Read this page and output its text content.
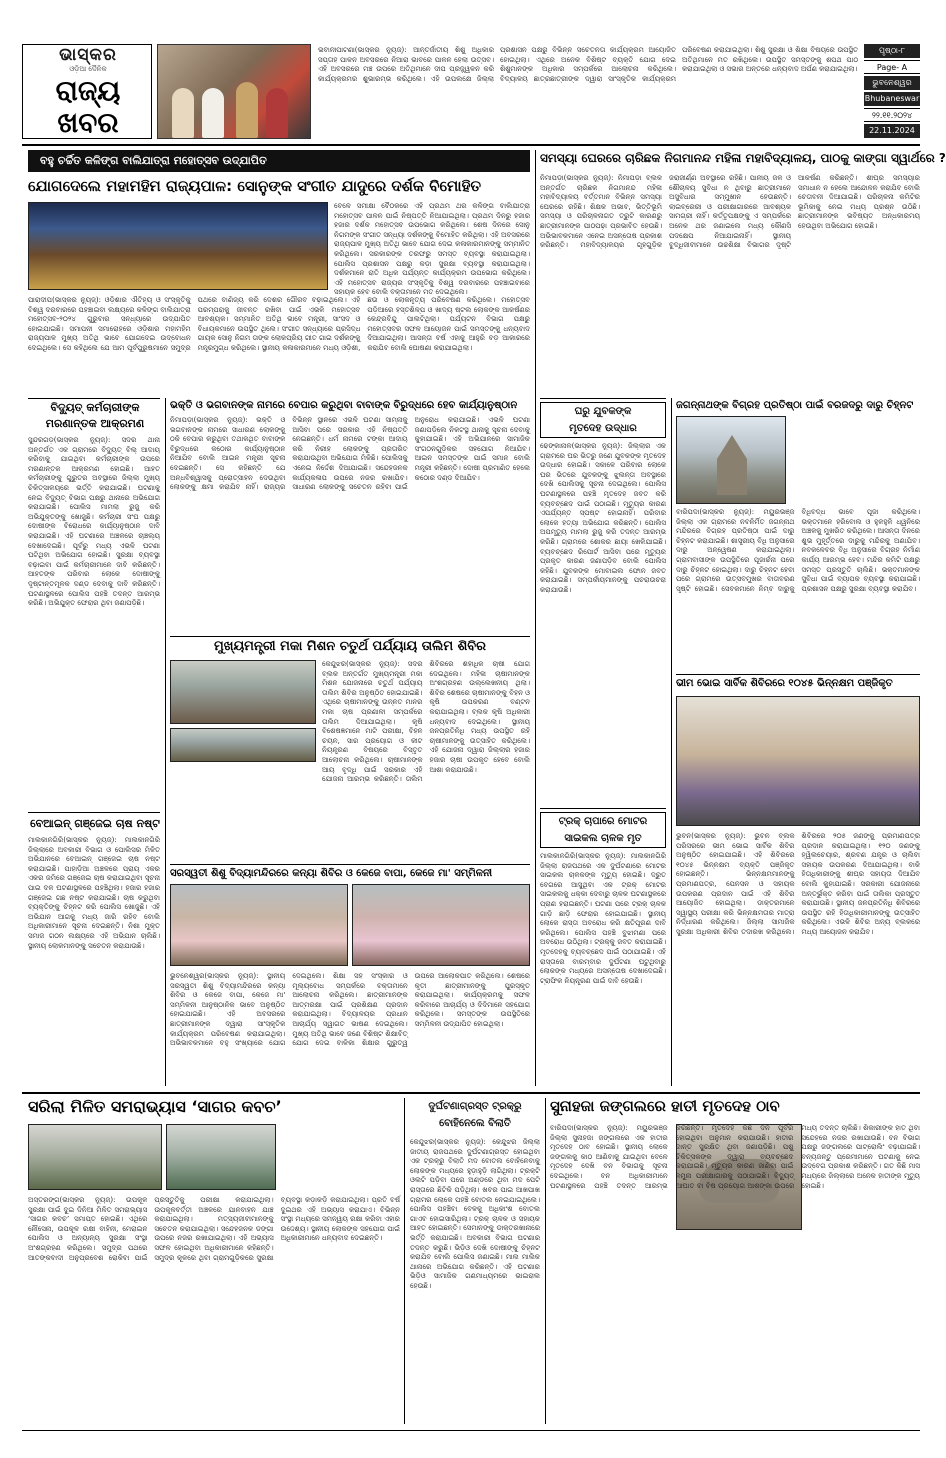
ଭାସ୍କର
ଓଡ଼ିଆ ଦୈନିକ
ରାଜ୍ୟ
ଖବର
ଭବାନୀପାଟଣା(ଭାସ୍କର ନ୍ୟୁଜ୍): ଆନ୍ତର୍ଜାତୀୟ ଶିଶୁ ଅଧିକାର ସପ୍ତାହ ପାଳନ ଅବସରରେ ନିଆରା ଭାବରେ ପାଳନ ହେଲା ଉତ୍ସବ। ଏହି ଅବସରରେ ମଞ୍ଚ ଉପରେ ଅତିଥିମାନେ ଦୀପ ପ୍ରଜ୍ଜ୍ୱଳନ କରି କାର୍ଯ୍ୟକ୍ରମର ଶୁଭାରମ୍ଭ କରିଥିଲେ। ଏହି ଉପଲକ୍ଷେ ଜିଲ୍ଲା ପ୍ରଶାସନ ପକ୍ଷରୁ ବିଭିନ୍ନ ସଚେତନତା କାର୍ଯ୍ୟକ୍ରମ ଆୟୋଜିତ ହୋଇଥିଲା। ଏଥିରେ ଅନେକ ବିଶିଷ୍ଟ ବ୍ୟକ୍ତି ଯୋଗ ଦେଇ ଶିଶୁମାନଙ୍କ ଅଧିକାର ସମ୍ପର୍କରେ ଆଲୋଚନା କରିଥିଲେ। ବିଦ୍ୟାଳୟ ଛାତ୍ରଛାତ୍ରୀଙ୍କ ଦ୍ୱାରା ସାଂସ୍କୃତିକ କାର୍ଯ୍ୟକ୍ରମ ପରିବେଷଣ କରାଯାଇଥିଲା। ଶିଶୁ ସୁରକ୍ଷା ଓ ଶିକ୍ଷା ବିଷୟରେ ଉପସ୍ଥିତ ଅତିଥିମାନେ ମତ ରଖିଥିଲେ। ଉପସ୍ଥିତ ସମସ୍ତଙ୍କୁ ଶପଥ ପାଠ କରାଯାଇଥିଲା ଓ ସଭାର ଅନ୍ତରେ ଧନ୍ୟବାଦ ଅର୍ପଣ କରାଯାଇଥିଲା।
ପୃଷ୍ଠା-୮
Page- A
ଭୁବନେଶ୍ୱର
Bhubaneswar
୨୨.୧୧.୨୦୨୪
22.11.2024
ବହୁ ଚର୍ଚ୍ଚିତ କଳିଙ୍ଗ ବାଲିଯାତ୍ରା ମହୋତ୍ସବ ଉଦ୍‌ଯାପିତ
ଯୋଗଦେଲେ ମହାମହିମ ରାଜ୍ୟପାଳ: ସୋନୁଙ୍କ ସଂଗୀତ ଯାଦୁରେ ଦର୍ଶକ ବିମୋହିତ
ବେଳେ ସମୀକ୍ଷା ବୈଠକରେ ଏହି ପ୍ରଥମ ଥର କଳିଙ୍ଗ ବାଲିଯାତ୍ରା ମହୋତ୍ସବ ପାଳନ ପାଇଁ ନିଷ୍ପତ୍ତି ନିଆଯାଇଥିଲା। ପ୍ରଥମ ଦିନରୁ ହଜାର ହଜାର ଦର୍ଶକ ମହୋତ୍ସବ ଉପଭୋଗ କରିଥିଲେ। ଶେଷ ଦିନରେ ସୋନୁ ନିଗମଙ୍କ ସଂଗୀତ ସନ୍ଧ୍ୟା ଦର୍ଶକଙ୍କୁ ବିମୋହିତ କରିଥିଲା। ଏହି ଅବସରରେ ରାଜ୍ୟପାଳ ମୁଖ୍ୟ ଅତିଥି ଭାବେ ଯୋଗ ଦେଇ କଳାକାରମାନଙ୍କୁ ସମ୍ମାନିତ କରିଥିଲେ। ସରକାରଙ୍କ ତରଫରୁ ସମସ୍ତ ବ୍ୟବସ୍ଥା କରାଯାଇଥିଲା। ପୋଲିସ ପ୍ରଶାସନ ପକ୍ଷରୁ କଡ଼ା ସୁରକ୍ଷା ବ୍ୟବସ୍ଥା କରାଯାଇଥିଲା। ଦର୍ଶକମାନେ ରାତି ଅଧିକ ପର୍ଯ୍ୟନ୍ତ କାର୍ଯ୍ୟକ୍ରମ ଉପଭୋଗ କରିଥିଲେ। ଏହି ମହୋତ୍ସବ ରାଜ୍ୟର ସଂସ୍କୃତିକୁ ବିଶ୍ୱ ଦରବାରରେ ପହଞ୍ଚାଇବାରେ ସହାୟକ ହେବ ବୋଲି ବକ୍ତାମାନେ ମତ ଦେଇଥିଲେ।
ପାରାଦୀପ(ଭାସ୍କର ନ୍ୟୁଜ୍): ଓଡ଼ିଶାର ଐତିହ୍ୟ ଓ ସଂସ୍କୃତିକୁ ବିଶ୍ୱ ଦରବାରରେ ପହଞ୍ଚାଇବା ଲକ୍ଷ୍ୟରେ କଳିଙ୍ଗ ବାଲିଯାତ୍ରା ମହୋତ୍ସବ-୨୦୨୪ ଗୁରୁବାର ସନ୍ଧ୍ୟାରେ ଉଦ୍‌ଯାପିତ ହୋଇଯାଇଛି। ସମାପନୀ ସମାରୋହରେ ଓଡ଼ିଶାର ମହାମହିମ ରାଜ୍ୟପାଳ ମୁଖ୍ୟ ଅତିଥି ଭାବେ ଯୋଗଦେଇ ଉଦ୍‌ବୋଧନ ଦେଇଥିଲେ। ସେ କହିଥିଲେ ଯେ ଆମ ପୂର୍ବପୁରୁଷମାନେ ସମୁଦ୍ର ପଥରେ ବାଣିଜ୍ୟ କରି ଦେଶର ଗୌରବ ବଢ଼ାଇଥିଲେ। ଏହି ପରମ୍ପରାକୁ ଜୀବନ୍ତ ରଖିବା ପାଇଁ ଏଭଳି ମହୋତ୍ସବ ଆବଶ୍ୟକ। ସମ୍ମାନିତ ଅତିଥି ଭାବେ ମନ୍ତ୍ରୀ, ସାଂସଦ ଓ ବିଧାୟକମାନେ ଉପସ୍ଥିତ ଥିଲେ। ସଂଗୀତ ସନ୍ଧ୍ୟାରେ ପ୍ରସିଦ୍ଧ ଗାୟକ ସୋନୁ ନିଗମ ତାଙ୍କ ଲୋକପ୍ରିୟ ଗୀତ ଗାଇ ଦର୍ଶକଙ୍କୁ ମନ୍ତ୍ରମୁଗ୍ଧ କରିଥିଲେ। ସ୍ଥାନୀୟ କଳାକାରମାନେ ମଧ୍ୟ ଓଡ଼ିଶୀ, ଛଉ ଓ ଲୋକନୃତ୍ୟ ପରିବେଷଣ କରିଥିଲେ। ମହୋତ୍ସବ ପଡ଼ିଆରେ ହସ୍ତଶିଳ୍ପ ଓ ଖାଦ୍ୟ ଷ୍ଟଲ ଲୋକଙ୍କ ଆକର୍ଷଣର କେନ୍ଦ୍ରବିନ୍ଦୁ ପାଲଟିଥିଲା। ପର୍ଯ୍ୟଟନ ବିଭାଗ ପକ୍ଷରୁ ମହୋତ୍ସବର ସଫଳ ଆୟୋଜନ ପାଇଁ ସମସ୍ତଙ୍କୁ ଧନ୍ୟବାଦ ଦିଆଯାଇଥିଲା। ଆସନ୍ତା ବର୍ଷ ଏହାକୁ ଆହୁରି ବଡ଼ ଆକାରରେ କରାଯିବ ବୋଲି ଘୋଷଣା କରାଯାଇଥିଲା।
ବିଦ୍ୟୁତ୍ କର୍ମଚାରୀଙ୍କ
ମରଣାନ୍ତକ ଆକ୍ରମଣ
ସୁନ୍ଦରଗଡ଼(ଭାସ୍କର ନ୍ୟୁଜ୍): ସଦର ଥାନା ଅନ୍ତର୍ଗତ ଏକ ଗ୍ରାମରେ ବିଦ୍ୟୁତ୍ ବିଲ୍ ଆଦାୟ କରିବାକୁ ଯାଇଥିବା କର୍ମଚାରୀଙ୍କ ଉପରେ ମରଣାନ୍ତକ ଆକ୍ରମଣ ହୋଇଛି। ଆହତ କର୍ମଚାରୀଙ୍କୁ ଗୁରୁତର ଅବସ୍ଥାରେ ଜିଲ୍ଲା ମୁଖ୍ୟ ଚିକିତ୍ସାଳୟରେ ଭର୍ତ୍ତି କରାଯାଇଛି। ଘଟଣାକୁ ନେଇ ବିଦ୍ୟୁତ୍ ବିଭାଗ ପକ୍ଷରୁ ଥାନାରେ ଅଭିଯୋଗ କରାଯାଇଛି। ପୋଲିସ ମାମଲା ରୁଜୁ କରି ଅଭିଯୁକ୍ତଙ୍କୁ ଖୋଜୁଛି। କର୍ମଚାରୀ ସଂଘ ପକ୍ଷରୁ ଦୋଷୀଙ୍କ ବିରୋଧରେ କାର୍ଯ୍ୟାନୁଷ୍ଠାନ ଦାବି କରାଯାଇଛି। ଏହି ଘଟଣାରେ ଅଞ୍ଚଳରେ ଚାଞ୍ଚଲ୍ୟ ଦେଖାଦେଇଛି। ପୂର୍ବରୁ ମଧ୍ୟ ଏଭଳି ଘଟଣା ଘଟିଥିବା ଅଭିଯୋଗ ହୋଇଛି। ସୁରକ୍ଷା ବ୍ୟବସ୍ଥା ବଢ଼ାଇବା ପାଇଁ କର୍ମଚାରୀମାନେ ଦାବି କରିଛନ୍ତି। ଆହତଙ୍କ ପରିବାର ଲୋକେ ଦୋଷୀଙ୍କୁ ଦୃଷ୍ଟାନ୍ତମୂଳକ ଦଣ୍ଡ ଦେବାକୁ ଦାବି କରିଛନ୍ତି। ଘଟଣାସ୍ଥଳରେ ପୋଲିସ ପହଞ୍ଚି ତଦନ୍ତ ଆରମ୍ଭ କରିଛି। ଅଭିଯୁକ୍ତ ଫେରାର ଥିବା ଜଣାପଡ଼ିଛି।
ବେଆଇନ୍ ଗଞ୍ଜେଇ ଚାଷ ନଷ୍ଟ
ମାଲକାନଗିରି(ଭାସ୍କର ନ୍ୟୁଜ୍): ମାଲକାନଗିରି ଜିଲ୍ଲାରେ ଅବକାରୀ ବିଭାଗ ଓ ପୋଲିସର ମିଳିତ ଅଭିଯାନରେ ବେଆଇନ୍ ଗଞ୍ଜେଇ ଚାଷ ନଷ୍ଟ କରାଯାଇଛି। ପାହାଡ଼ିଆ ଅଞ୍ଚଳରେ ପ୍ରାୟ ଏକର ଏକର ଜମିରେ ଗଞ୍ଜେଇ ଚାଷ କରାଯାଇଥିବା ସୂଚନା ପାଇ ଦଳ ଘଟଣାସ୍ଥଳରେ ପହଞ୍ଚିଥିଲା। ହଜାର ହଜାର ଗଞ୍ଜେଇ ଗଛ ନଷ୍ଟ କରାଯାଇଛି। ଚାଷ କରୁଥିବା ବ୍ୟକ୍ତିଙ୍କୁ ଚିହ୍ନଟ କରି ପୋଲିସ ଖୋଜୁଛି। ଏହି ଅଭିଯାନ ଆଗକୁ ମଧ୍ୟ ଜାରି ରହିବ ବୋଲି ଅଧିକାରୀମାନେ ସୂଚନା ଦେଇଛନ୍ତି। ନିଶା ମୁକ୍ତ ସମାଜ ଗଠନ ଲକ୍ଷ୍ୟରେ ଏହି ଅଭିଯାନ ଚାଲିଛି। ସ୍ଥାନୀୟ ଲୋକମାନଙ୍କୁ ସଚେତନ କରାଯାଉଛି।
ଭକ୍ତି ଓ ଭଗବାନଙ୍କ ନାମରେ ବେପାର କରୁଥିବା ବାବାଙ୍କ ବିରୁଦ୍ଧରେ ହେବ କାର୍ଯ୍ୟାନୁଷ୍ଠାନ
ନିମାପଡ଼ା(ଭାସ୍କର ନ୍ୟୁଜ୍): ଭକ୍ତି ଓ ଭଗବାନଙ୍କ ନାମରେ ସାଧାରଣ ଲୋକଙ୍କୁ ଠକି ବେପାର କରୁଥିବା ତଥାକଥିତ ବାବାଙ୍କ ବିରୁଦ୍ଧରେ କଠୋର କାର୍ଯ୍ୟାନୁଷ୍ଠାନ ନିଆଯିବ ବୋଲି ଆଇନ ମନ୍ତ୍ରୀ ସୂଚନା ଦେଇଛନ୍ତି। ସେ କହିଛନ୍ତି ଯେ ଅନ୍ଧବିଶ୍ୱାସକୁ ପ୍ରୋତ୍ସାହନ ଦେଉଥିବା ଲୋକଙ୍କୁ କ୍ଷମା କରାଯିବ ନାହିଁ। ରାଜ୍ୟର ବିଭିନ୍ନ ସ୍ଥାନରେ ଏଭଳି ଘଟଣା ସାମ୍ନାକୁ ଆସିବା ପରେ ସରକାର ଏହି ନିଷ୍ପତ୍ତି ନେଇଛନ୍ତି। ଧର୍ମ ନାମରେ ଟଙ୍କା ଆଦାୟ କରି ନିରୀହ ଲୋକଙ୍କୁ ପ୍ରତାରିତ କରାଯାଉଥିବା ଅଭିଯୋଗ ମିଳିଛି। ପୋଲିସକୁ ଏନେଇ ନିର୍ଦ୍ଦେଶ ଦିଆଯାଇଛି। ସନ୍ଦେହଜନକ କାର୍ଯ୍ୟକଳାପ ଉପରେ ନଜର ରଖାଯିବ। ସାଧାରଣ ଲୋକଙ୍କୁ ସଚେତନ ରହିବା ପାଇଁ ଅନୁରୋଧ କରାଯାଇଛି। ଏଭଳି ଘଟଣା ଜଣାପଡ଼ିଲେ ନିକଟସ୍ଥ ଥାନାକୁ ସୂଚନା ଦେବାକୁ କୁହାଯାଇଛି। ଏହି ଅଭିଯାନରେ ସାମାଜିକ ସଂଗଠନଗୁଡ଼ିକର ସହଯୋଗ ନିଆଯିବ। ଆଇନ ସମସ୍ତଙ୍କ ପାଇଁ ସମାନ ବୋଲି ମନ୍ତ୍ରୀ କହିଛନ୍ତି। ଦୋଷୀ ପ୍ରମାଣିତ ହେଲେ କଠୋର ଦଣ୍ଡ ଦିଆଯିବ।
ମୁଖ୍ୟମନ୍ତ୍ରୀ ମକା ମିଶନ ଚତୁର୍ଥ ପର୍ଯ୍ୟାୟ ତାଲିମ ଶିବିର
କେନ୍ଦୁଝର(ଭାସ୍କର ନ୍ୟୁଜ୍): ସଦର ବ୍ଲକ ଅନ୍ତର୍ଗତ ମୁଖ୍ୟମନ୍ତ୍ରୀ ମକା ମିଶନ ଯୋଜନାରେ ଚତୁର୍ଥ ପର୍ଯ୍ୟାୟ ତାଲିମ ଶିବିର ଅନୁଷ୍ଠିତ ହୋଇଯାଇଛି। ଏଥିରେ ଚାଷୀମାନଙ୍କୁ ଉନ୍ନତ ମାନର ମକା ଚାଷ ପ୍ରଣାଳୀ ସମ୍ପର୍କରେ ତାଲିମ ଦିଆଯାଇଥିଲା। କୃଷି ବିଶେଷଜ୍ଞମାନେ ମାଟି ପରୀକ୍ଷା, ବିହନ ଚୟନ, ସାର ପ୍ରୟୋଗ ଓ କୀଟ ନିୟନ୍ତ୍ରଣ ବିଷୟରେ ବିସ୍ତୃତ ଆଲୋଚନା କରିଥିଲେ। ଚାଷୀମାନଙ୍କ ଆୟ ବୃଦ୍ଧି ପାଇଁ ସରକାର ଏହି ଯୋଜନା ଆରମ୍ଭ କରିଛନ୍ତି। ତାଲିମ ଶିବିରରେ ଶହାଧିକ ଚାଷୀ ଯୋଗ ଦେଇଥିଲେ। ମହିଳା ଚାଷୀମାନଙ୍କ ଅଂଶଗ୍ରହଣ ଉଲ୍ଲେଖନୀୟ ଥିଲା। ଶିବିର ଶେଷରେ ଚାଷୀମାନଙ୍କୁ ବିହନ ଓ କୃଷି ଉପକରଣ ବଣ୍ଟନ କରାଯାଇଥିଲା। ବ୍ଲକ କୃଷି ଅଧିକାରୀ ଧନ୍ୟବାଦ ଦେଇଥିଲେ। ସ୍ଥାନୀୟ ଜନପ୍ରତିନିଧି ମଧ୍ୟ ଉପସ୍ଥିତ ରହି ଚାଷୀମାନଙ୍କୁ ଉତ୍ସାହିତ କରିଥିଲେ। ଏହି ଯୋଜନା ଦ୍ୱାରା ଜିଲ୍ଲାର ହଜାର ହଜାର ଚାଷୀ ଉପକୃତ ହେବେ ବୋଲି ଆଶା କରାଯାଉଛି।
ସରସ୍ୱତୀ ଶିଶୁ ବିଦ୍ୟାମନ୍ଦିରରେ କନ୍ୟା ଶିବିର ଓ କେଜେ ବାପା, କେଜେ ମା' ସମ୍ମିଳନୀ
ଭୁବନେଶ୍ୱର(ଭାସ୍କର ନ୍ୟୁଜ୍): ସ୍ଥାନୀୟ ସରସ୍ୱତୀ ଶିଶୁ ବିଦ୍ୟାମନ୍ଦିରରେ କନ୍ୟା ଶିବିର ଓ କେଜେ ବାପା, କେଜେ ମା' ସମ୍ମିଳନୀ ଆନୁଷ୍ଠାନିକ ଭାବେ ଅନୁଷ୍ଠିତ ହୋଇଯାଇଛି। ଏହି ଅବସରରେ ଛାତ୍ରୀମାନଙ୍କ ଦ୍ୱାରା ସାଂସ୍କୃତିକ କାର୍ଯ୍ୟକ୍ରମ ପରିବେଷଣ କରାଯାଇଥିଲା। ଅଭିଭାବକମାନେ ବହୁ ସଂଖ୍ୟାରେ ଯୋଗ ଦେଇଥିଲେ। ଶିକ୍ଷା ସହ ସଂସ୍କାର ଓ ମୂଲ୍ୟବୋଧ ସମ୍ପର୍କରେ ବକ୍ତାମାନେ ଆଲୋଚନା କରିଥିଲେ। ଛାତ୍ରୀମାନଙ୍କ ଆତ୍ମରକ୍ଷା ପାଇଁ ପ୍ରଶିକ୍ଷଣ ପ୍ରଦାନ କରାଯାଇଥିଲା। ବିଦ୍ୟାଳୟର ପ୍ରଧାନ ଆଚାର୍ଯ୍ୟ ସ୍ୱାଗତ ଭାଷଣ ଦେଇଥିଲେ। ମୁଖ୍ୟ ଅତିଥି ଭାବେ ଜଣେ ବିଶିଷ୍ଟ ଶିକ୍ଷାବିତ୍ ଯୋଗ ଦେଇ ବାଳିକା ଶିକ୍ଷାର ଗୁରୁତ୍ୱ ଉପରେ ଆଲୋକପାତ କରିଥିଲେ। ଶେଷରେ କୃତୀ ଛାତ୍ରୀମାନଙ୍କୁ ପୁରସ୍କୃତ କରାଯାଇଥିଲା। କାର୍ଯ୍ୟକ୍ରମକୁ ସଫଳ କରିବାରେ ଆଚାର୍ଯ୍ୟ ଓ ଦିଦିମାନେ ସହଯୋଗ କରିଥିଲେ। ସମସ୍ତଙ୍କ ଉପସ୍ଥିତିରେ ସମ୍ମିଳନୀ ଉଦ୍‌ଯାପିତ ହୋଇଥିଲା।
ସମସ୍ୟା ଘେରରେ ଚାରିଛକ ନିଗମାନନ୍ଦ ମହିଳା ମହାବିଦ୍ୟାଳୟ, ପାଠକୁ କାଙ୍ଗା ସ୍ୱାର୍ଥରେ ?
ନିମାପଡ଼ା(ଭାସ୍କର ନ୍ୟୁଜ୍): ନିମାପଡ଼ା ବ୍ଲକ ଅନ୍ତର୍ଗତ ଚାରିଛକ ନିଗମାନନ୍ଦ ମହିଳା ମହାବିଦ୍ୟାଳୟ ବର୍ତ୍ତମାନ ବିଭିନ୍ନ ସମସ୍ୟା ଘେରରେ ରହିଛି। ଶିକ୍ଷକ ଅଭାବ, ଭିତ୍ତିଭୂମି ସମସ୍ୟା ଓ ପରିଚାଳନାଗତ ତ୍ରୁଟି କାରଣରୁ ଛାତ୍ରୀମାନଙ୍କ ପାଠପଢ଼ା ପ୍ରଭାବିତ ହେଉଛି। ଅଭିଭାବକମାନେ ଏନେଇ ଅସନ୍ତୋଷ ପ୍ରକାଶ କରିଛନ୍ତି। ମହାବିଦ୍ୟାଳୟର ଗୃହଗୁଡ଼ିକ ଜରାଜୀର୍ଣ୍ଣ ଅବସ୍ଥାରେ ରହିଛି। ପାନୀୟ ଜଳ ଓ ଶୌଚାଳୟ ସୁବିଧା ନ ଥିବାରୁ ଛାତ୍ରୀମାନେ ଅସୁବିଧାର ସମ୍ମୁଖୀନ ହେଉଛନ୍ତି। ଲାଇବ୍ରେରୀ ଓ ପରୀକ୍ଷାଗାରରେ ଆବଶ୍ୟକ ସାମଗ୍ରୀ ନାହିଁ। କର୍ତ୍ତୃପକ୍ଷଙ୍କୁ ଏ ସମ୍ପର୍କରେ ଅନେକ ଥର ଜଣାଇଲେ ମଧ୍ୟ କୌଣସି ପଦକ୍ଷେପ ନିଆଯାଇନାହିଁ। ସ୍ଥାନୀୟ ବୁଦ୍ଧିଜୀବୀମାନେ ଉଚ୍ଚଶିକ୍ଷା ବିଭାଗର ଦୃଷ୍ଟି ଆକର୍ଷଣ କରିଛନ୍ତି। ଶୀଘ୍ର ସମସ୍ୟାର ସମାଧାନ ନ ହେଲେ ଆନ୍ଦୋଳନ କରାଯିବ ବୋଲି ଚେତାବନୀ ଦିଆଯାଇଛି। ପରିଚାଳନା କମିଟିର ଭୂମିକାକୁ ନେଇ ମଧ୍ୟ ପ୍ରଶ୍ନ ଉଠିଛି। ଛାତ୍ରୀମାନଙ୍କ ଭବିଷ୍ୟତ ଅନ୍ଧକାରମୟ ହେଉଥିବା ଅଭିଯୋଗ ହୋଇଛି।
ଘରୁ ଯୁବକଙ୍କ
ମୃତଦେହ ଉଦ୍ଧାର
ଢେଙ୍କାନାଳ(ଭାସ୍କର ନ୍ୟୁଜ୍): ଜିଲ୍ଲାର ଏକ ଗ୍ରାମରେ ଘର ଭିତରୁ ଜଣେ ଯୁବକଙ୍କ ମୃତଦେହ ଉଦ୍ଧାର ହୋଇଛି। ସକାଳେ ପରିବାର ଲୋକେ ଘର ଭିତରେ ଯୁବକଙ୍କୁ ଝୁଲନ୍ତା ଅବସ୍ଥାରେ ଦେଖି ପୋଲିସକୁ ସୂଚନା ଦେଇଥିଲେ। ପୋଲିସ ଘଟଣାସ୍ଥଳରେ ପହଞ୍ଚି ମୃତଦେହ ଜବତ କରି ବ୍ୟବଚ୍ଛେଦ ପାଇଁ ପଠାଇଛି। ମୃତ୍ୟୁର କାରଣ ଏପର୍ଯ୍ୟନ୍ତ ସ୍ପଷ୍ଟ ହୋଇନାହିଁ। ପରିବାର ଲୋକେ ହତ୍ୟା ଅଭିଯୋଗ କରିଛନ୍ତି। ପୋଲିସ ଅପମୃତ୍ୟୁ ମାମଲା ରୁଜୁ କରି ତଦନ୍ତ ଆରମ୍ଭ କରିଛି। ଗ୍ରାମରେ ଶୋକର ଛାୟା ଖେଳିଯାଇଛି। ବ୍ୟବଚ୍ଛେଦ ରିପୋର୍ଟ ଆସିବା ପରେ ମୃତ୍ୟୁର ପ୍ରକୃତ କାରଣ ଜଣାପଡ଼ିବ ବୋଲି ପୋଲିସ କହିଛି। ଯୁବକଙ୍କ ମୋବାଇଲ ଫୋନ ଜବତ କରାଯାଇଛି। ସମ୍ପର୍କୀୟମାନଙ୍କୁ ପଚରାଉଚରା କରାଯାଉଛି।
ଟ୍ରକ୍ ଚାପାରେ ମୋଟର
ସାଇକଲ ଚାଳକ ମୃତ
ମାଲକାନଗିରି(ଭାସ୍କର ନ୍ୟୁଜ୍): ମାଲକାନଗିରି ଜିଲ୍ଲା ରାଜପଥରେ ଏକ ଦୁର୍ଘଟଣାରେ ମୋଟର ସାଇକଲ ଚାଳକଙ୍କ ମୃତ୍ୟୁ ହୋଇଛି। ଦ୍ରୁତ ବେଗରେ ଆସୁଥିବା ଏକ ଟ୍ରକ୍ ମୋଟର ସାଇକଲକୁ ଧକ୍କା ଦେବାରୁ ଚାଳକ ଘଟଣାସ୍ଥଳରେ ପ୍ରାଣ ହରାଇଛନ୍ତି। ଘଟଣା ପରେ ଟ୍ରକ୍ ଚାଳକ ଗାଡ଼ି ଛାଡ଼ି ଫେରାର ହୋଇଯାଇଛି। ସ୍ଥାନୀୟ ଲୋକେ ରାସ୍ତା ଅବରୋଧ କରି କ୍ଷତିପୂରଣ ଦାବି କରିଥିଲେ। ପୋଲିସ ପହଞ୍ଚି ବୁଝାମଣା ପରେ ଅବରୋଧ ଉଠିଥିଲା। ଟ୍ରକ୍‌କୁ ଜବତ କରାଯାଇଛି। ମୃତଦେହକୁ ବ୍ୟବଚ୍ଛେଦ ପାଇଁ ପଠାଯାଇଛି। ଏହି ରାସ୍ତାରେ ବାରମ୍ବାର ଦୁର୍ଘଟଣା ଘଟୁଥିବାରୁ ଲୋକଙ୍କ ମଧ୍ୟରେ ଅସନ୍ତୋଷ ଦେଖାଦେଇଛି। ଟ୍ରାଫିକ ନିୟନ୍ତ୍ରଣ ପାଇଁ ଦାବି ହେଉଛି।
ଜଗନ୍ନାଥଙ୍କ ବିଗ୍ରହ ପ୍ରତିଷ୍ଠା ପାଇଁ ବରଜଦରୁ ଦାରୁ ଚିହ୍ନଟ
ବାରିପଦା(ଭାସ୍କର ନ୍ୟୁଜ୍): ମୟୁରଭଞ୍ଜ ଜିଲ୍ଲା ଏକ ଗ୍ରାମରେ ନବନିର୍ମିତ ଜଗନ୍ନାଥ ମନ୍ଦିରରେ ବିଗ୍ରହ ପ୍ରତିଷ୍ଠା ପାଇଁ ଦାରୁ ଚିହ୍ନଟ କରାଯାଇଛି। ଶାସ୍ତ୍ରୀୟ ବିଧି ଅନୁସାରେ ଦାରୁ ଅନ୍ୱେଷଣ କରାଯାଇଥିଲା। ଗ୍ରାମବାସୀଙ୍କ ଉପସ୍ଥିତିରେ ପୂଜାର୍ଚ୍ଚନା ପରେ ଦାରୁ ଚିହ୍ନଟ ହୋଇଥିଲା। ଦାରୁ ଚିହ୍ନଟ ହେବା ପରେ ଗ୍ରାମରେ ଉତ୍ସବମୁଖର ବାତାବରଣ ସୃଷ୍ଟି ହୋଇଛି। ସେବକମାନେ ନିମ୍ବ ଦାରୁକୁ ବିଧିବଦ୍ଧ ଭାବେ ପୂଜା କରିଥିଲେ। ଭକ୍ତମାନେ ହରିବୋଲ ଓ ହୁଳହୁଳି ଧ୍ୱନିରେ ଅଞ୍ଚଳକୁ ମୁଖରିତ କରିଥିଲେ। ଆସନ୍ତା ଦିନରେ ଶୁଭ ମୁହୂର୍ତ୍ତରେ ଦାରୁକୁ ମନ୍ଦିରକୁ ଅଣାଯିବ। ନବକଳେବର ବିଧି ଅନୁସାରେ ବିଗ୍ରହ ନିର୍ମାଣ କାର୍ଯ୍ୟ ଆରମ୍ଭ ହେବ। ମନ୍ଦିର କମିଟି ପକ୍ଷରୁ ସମସ୍ତ ପ୍ରସ୍ତୁତି ଚାଲିଛି। ଭକ୍ତମାନଙ୍କ ସୁବିଧା ପାଇଁ ବ୍ୟାପକ ବ୍ୟବସ୍ଥା କରାଯାଇଛି। ପ୍ରଶାସନ ପକ୍ଷରୁ ସୁରକ୍ଷା ବ୍ୟବସ୍ଥା କରାଯିବ।
ଭୀମ ଭୋଇ ସାର୍ବିକ ଶିବିରରେ ୧୦୪୫ ଭିନ୍ନକ୍ଷମ ପଞ୍ଜିକୃତ
ଭୁବନ(ଭାସ୍କର ନ୍ୟୁଜ୍): ଭୁବନ ବ୍ଲକ ପରିସରରେ ଭୀମ ଭୋଇ ସାର୍ବିକ ଶିବିର ଅନୁଷ୍ଠିତ ହୋଇଯାଇଛି। ଏହି ଶିବିରରେ ୧୦୪୫ ଭିନ୍ନକ୍ଷମ ବ୍ୟକ୍ତି ପଞ୍ଜିକୃତ ହୋଇଛନ୍ତି। ଭିନ୍ନକ୍ଷମମାନଙ୍କୁ ପ୍ରମାଣପତ୍ର, ପେନସନ ଓ ସହାୟକ ଉପକରଣ ପ୍ରଦାନ ପାଇଁ ଏହି ଶିବିର ଆୟୋଜିତ ହୋଇଥିଲା। ଡାକ୍ତରମାନେ ସ୍ୱାସ୍ଥ୍ୟ ପରୀକ୍ଷା କରି ଭିନ୍ନକ୍ଷମତାର ମାତ୍ରା ନିର୍ଦ୍ଧାରଣ କରିଥିଲେ। ଜିଲ୍ଲା ସାମାଜିକ ସୁରକ୍ଷା ଅଧିକାରୀ ଶିବିର ତଦାରଖ କରିଥିଲେ। ଶିବିରରେ ୨୦୫ ଜଣଙ୍କୁ ପ୍ରମାଣପତ୍ର ପ୍ରଦାନ କରାଯାଇଥିଲା। ୧୨୦ ଜଣଙ୍କୁ ହ୍ୱିଲଚେୟାର, ଶ୍ରବଣ ଯନ୍ତ୍ର ଓ ଚାଲିବା ସହାୟକ ଉପକରଣ ଦିଆଯାଇଥିଲା। ବାକି ହିତାଧିକାରୀଙ୍କୁ ଶୀଘ୍ର ସହାୟତା ଦିଆଯିବ ବୋଲି କୁହାଯାଇଛି। ସରକାରୀ ଯୋଜନାରେ ଅନ୍ତର୍ଭୁକ୍ତ କରିବା ପାଇଁ ତାଲିକା ପ୍ରସ୍ତୁତ କରାଯାଉଛି। ସ୍ଥାନୀୟ ଜନପ୍ରତିନିଧି ଶିବିରରେ ଉପସ୍ଥିତ ରହି ହିତାଧିକାରୀମାନଙ୍କୁ ଉତ୍ସାହିତ କରିଥିଲେ। ଏଭଳି ଶିବିର ଅନ୍ୟ ବ୍ଲକରେ ମଧ୍ୟ ଆୟୋଜନ କରାଯିବ।
ସରିଲା ମିଳିତ ସମରାଭ୍ୟାସ ‘ସାଗର କବଚ’
ଅସ୍ତରଙ୍ଗ(ଭାସ୍କର ନ୍ୟୁଜ୍): ଉପକୂଳ ସୁରକ୍ଷା ପାଇଁ ଦୁଇ ଦିନିଆ ମିଳିତ ସମରାଭ୍ୟାସ ‘ସାଗର କବଚ’ ସମାପ୍ତ ହୋଇଛି। ଏଥିରେ ନୌସେନା, ଉପକୂଳ ରକ୍ଷୀ ବାହିନୀ, ମେରାଇନ ପୋଲିସ ଓ ଅନ୍ୟାନ୍ୟ ସୁରକ୍ଷା ସଂସ୍ଥା ଅଂଶଗ୍ରହଣ କରିଥିଲେ। ସମୁଦ୍ର ପଥରେ ଆତଙ୍କବାଦୀ ଅନୁପ୍ରବେଶ ରୋକିବା ପାଇଁ ପ୍ରସ୍ତୁତିକୁ ପରୀକ୍ଷା କରାଯାଇଥିଲା। ଉପକୂଳବର୍ତ୍ତୀ ଅଞ୍ଚଳରେ ଯାନବାହନ ଯାଞ୍ଚ କରାଯାଇଥିଲା। ମତ୍ସ୍ୟଜୀବୀମାନଙ୍କୁ ସଚେତନ କରାଯାଇଥିଲା। ସନ୍ଦେହଜନକ ଡଙ୍ଗା ଉପରେ ନଜର ରଖାଯାଇଥିଲା। ଏହି ଅଭ୍ୟାସ ସଫଳ ହୋଇଥିବା ଅଧିକାରୀମାନେ କହିଛନ୍ତି। ସମୁଦ୍ର କୂଳରେ ଥିବା ଗ୍ରାମଗୁଡ଼ିକରେ ସୁରକ୍ଷା ବ୍ୟବସ୍ଥା କଡ଼ାକଡ଼ି କରାଯାଇଥିଲା। ପ୍ରତି ବର୍ଷ ଦୁଇଥର ଏହି ଅଭ୍ୟାସ କରାଯାଏ। ବିଭିନ୍ନ ସଂସ୍ଥା ମଧ୍ୟରେ ସମନ୍ୱୟ ରକ୍ଷା କରିବା ଏହାର ଉଦ୍ଦେଶ୍ୟ। ସ୍ଥାନୀୟ ଲୋକଙ୍କ ସହଯୋଗ ପାଇଁ ଅଧିକାରୀମାନେ ଧନ୍ୟବାଦ ଦେଇଛନ୍ତି।
ଦୁର୍ଘଟଣାଗ୍ରସ୍ତ ଟ୍ରକ୍‌ରୁ
ବୋହିନେଲେ ବିଲାତି
କେନ୍ଦୁଝର(ଭାସ୍କର ନ୍ୟୁଜ୍): କେନ୍ଦୁଝର ଜିଲ୍ଲା ଜାତୀୟ ରାଜପଥରେ ଦୁର୍ଘଟଣାଗ୍ରସ୍ତ ହୋଇଥିବା ଏକ ଟ୍ରକ୍‌ରୁ ବିଲାତି ମଦ ବୋତଲ ବୋହିନେବାକୁ ଲୋକଙ୍କ ମଧ୍ୟରେ ହୁଡ଼ାହୁଡ଼ି ଲାଗିଥିଲା। ଟ୍ରକ୍‌ଟି ଓଲଟି ପଡ଼ିବା ପରେ ଅଣ୍ଡରେ ଥିବା ମଦ ପେଟି ରାସ୍ତାରେ ଛିଟିକି ପଡ଼ିଥିଲା। ଖବର ପାଇ ଆଖପାଖ ଗ୍ରାମର ଲୋକେ ପହଞ୍ଚି ବୋତଲ ନେଇଯାଇଥିଲେ। ପୋଲିସ ପହଞ୍ଚିବା ବେଳକୁ ଅଧିକାଂଶ ବୋତଲ ଗାଏବ ହୋଇସାରିଥିଲା। ଟ୍ରକ୍ ଚାଳକ ଓ ସହାୟକ ଆହତ ହୋଇଛନ୍ତି। ସେମାନଙ୍କୁ ଡାକ୍ତରଖାନାରେ ଭର୍ତ୍ତି କରାଯାଇଛି। ଅବକାରୀ ବିଭାଗ ଘଟଣାର ତଦନ୍ତ କରୁଛି। ଭିଡ଼ିଓ ଦେଖି ଦୋଷୀଙ୍କୁ ଚିହ୍ନଟ କରାଯିବ ବୋଲି ପୋଲିସ ଜଣାଇଛି। ମାଲ ମାଲିକ ଥାନାରେ ଅଭିଯୋଗ କରିଛନ୍ତି। ଏହି ଘଟଣାର ଭିଡ଼ିଓ ସାମାଜିକ ଗଣମାଧ୍ୟମରେ ଭାଇରାଲ ହେଉଛି।
ସୁନାହଜା ଜଙ୍ଗଲରେ ହାତୀ ମୃତଦେହ ଠାବ
ବାରିପଦା(ଭାସ୍କର ନ୍ୟୁଜ୍): ମୟୁରଭଞ୍ଜ ଜିଲ୍ଲା ସୁନାହଜା ଜଙ୍ଗଲରେ ଏକ ହାତୀର ମୃତଦେହ ଠାବ ହୋଇଛି। ସ୍ଥାନୀୟ ଲୋକେ ଜଙ୍ଗଲକୁ କାଠ ଆଣିବାକୁ ଯାଇଥିବା ବେଳେ ମୃତଦେହ ଦେଖି ବନ ବିଭାଗକୁ ସୂଚନା ଦେଇଥିଲେ। ବନ ଅଧିକାରୀମାନେ ଘଟଣାସ୍ଥଳରେ ପହଞ୍ଚି ତଦନ୍ତ ଆରମ୍ଭ କରିଛନ୍ତି। ମୃତଦେହ କିଛି ଦିନ ପୂର୍ବର ହୋଇଥିବା ଅନୁମାନ କରାଯାଉଛି। ହାତୀର ଦାନ୍ତ ସୁରକ୍ଷିତ ଥିବା ଜଣାପଡ଼ିଛି। ପଶୁ ଚିକିତ୍ସକଙ୍କ ଦ୍ୱାରା ବ୍ୟବଚ୍ଛେଦ କରାଯାଇଛି। ମୃତ୍ୟୁର କାରଣ ଜାଣିବା ପାଇଁ ନମୁନା ପରୀକ୍ଷାଗାରକୁ ପଠାଯାଇଛି। ବିଦ୍ୟୁତ୍ ଆଘାତ ବା ବିଷ ପ୍ରୟୋଗ ଆଶଙ୍କା ଉପରେ ମଧ୍ୟ ତଦନ୍ତ ଚାଲିଛି। ଶିକାରୀଙ୍କ ହାତ ଥିବା ସନ୍ଦେହରେ ନଜର ରଖାଯାଉଛି। ବନ ବିଭାଗ ପକ୍ଷରୁ ଜଙ୍ଗଲରେ ପାଟ୍ରୋଲିଂ ବଢ଼ାଯାଇଛି। ବନ୍ୟଜନ୍ତୁ ପ୍ରେମୀମାନେ ଘଟଣାକୁ ନେଇ ଉଦ୍‌ବେଗ ପ୍ରକାଶ କରିଛନ୍ତି। ଗତ କିଛି ମାସ ମଧ୍ୟରେ ଜିଲ୍ଲାରେ ଅନେକ ହାତୀଙ୍କ ମୃତ୍ୟୁ ହୋଇଛି।
